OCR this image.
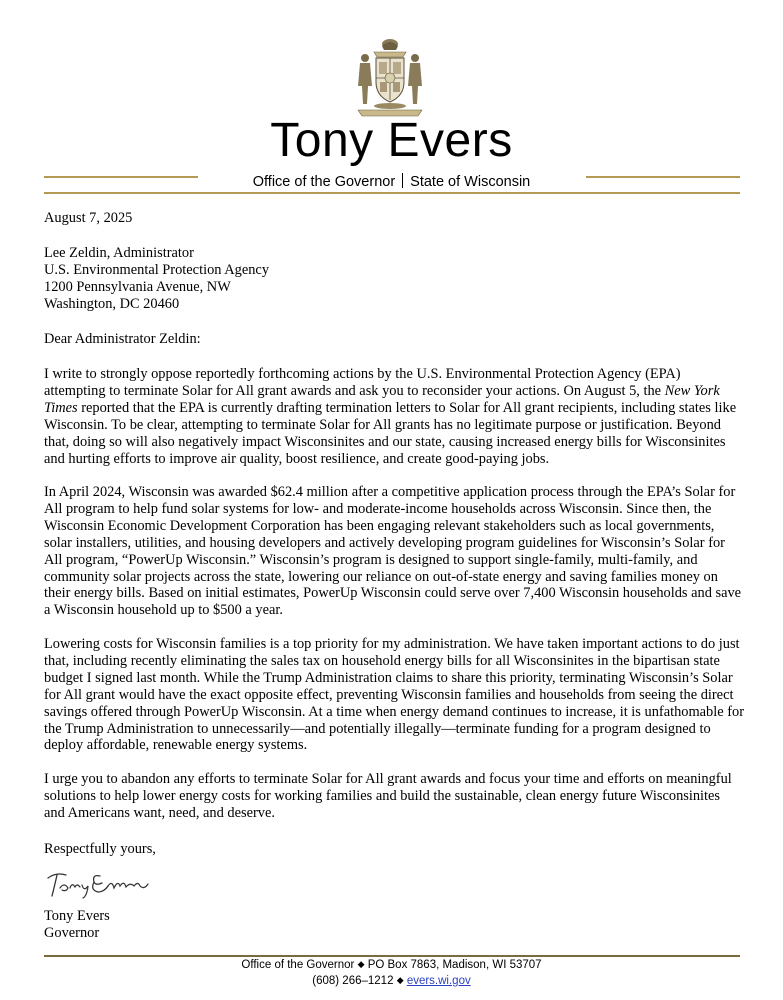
Tony Evers
Office of the Governor State of Wisconsin
August 7, 2025

Lee Zeldin, Administrator

U.S. Environmental Protection Agency

1200 Pennsylvania Avenue, NW

Washington, DC 20460

Dear Administrator Zeldin:

I write to strongly oppose reportedly forthcoming actions by the U.S. Environmental Protection Agency (EPA) attempting to terminate Solar for All grant awards and ask you to reconsider your actions. On August 5, the New York Times reported that the EPA is currently drafting termination letters to Solar for All grant recipients, including states like Wisconsin. To be clear, attempting to terminate Solar for All grants has no legitimate purpose or justification. Beyond that, doing so will also negatively impact Wisconsinites and our state, causing increased energy bills for Wisconsinites and hurting efforts to improve air quality, boost resilience, and create good-paying jobs.

In April 2024, Wisconsin was awarded $62.4 million after a competitive application process through the EPA’s Solar for All program to help fund solar systems for low- and moderate-income households across Wisconsin. Since then, the Wisconsin Economic Development Corporation has been engaging relevant stakeholders such as local governments, solar installers, utilities, and housing developers and actively developing program guidelines for Wisconsin’s Solar for All program, “PowerUp Wisconsin.” Wisconsin’s program is designed to support single-family, multi-family, and community solar projects across the state, lowering our reliance on out-of-state energy and saving families money on their energy bills. Based on initial estimates, PowerUp Wisconsin could serve over 7,400 Wisconsin households and save a Wisconsin household up to $500 a year.

Lowering costs for Wisconsin families is a top priority for my administration. We have taken important actions to do just that, including recently eliminating the sales tax on household energy bills for all Wisconsinites in the bipartisan state budget I signed last month. While the Trump Administration claims to share this priority, terminating Wisconsin’s Solar for All grant would have the exact opposite effect, preventing Wisconsin families and households from seeing the direct savings offered through PowerUp Wisconsin. At a time when energy demand continues to increase, it is unfathomable for the Trump Administration to unnecessarily—and potentially illegally—terminate funding for a program designed to deploy affordable, renewable energy systems.

I urge you to abandon any efforts to terminate Solar for All grant awards and focus your time and efforts on meaningful solutions to help lower energy costs for working families and build the sustainable, clean energy future Wisconsinites and Americans want, need, and deserve.

Respectfully yours,

Tony Evers

Governor

Office of the Governor ◆ PO Box 7863, Madison, WI 53707
(608) 266–1212 ◆ evers.wi.gov
